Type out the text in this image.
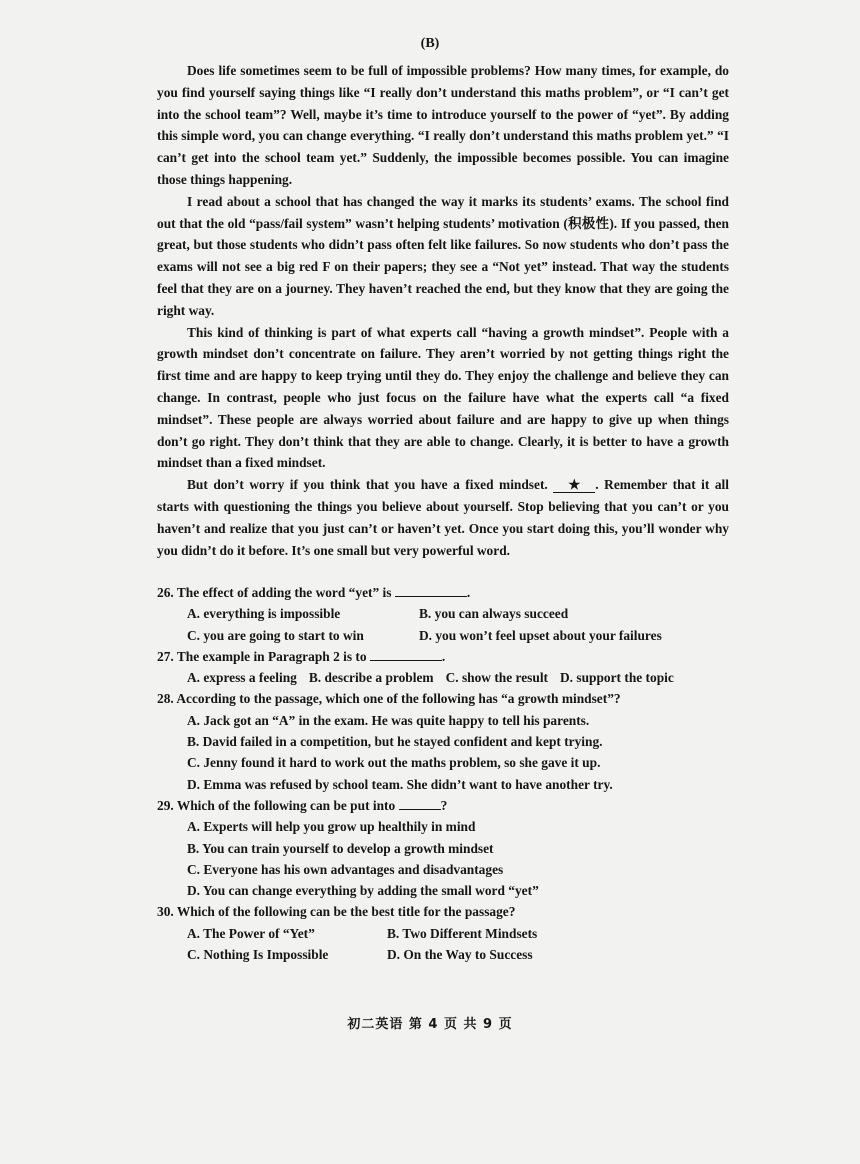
(B)

Does life sometimes seem to be full of impossible problems? How many times, for example, do you find yourself saying things like “I really don’t understand this maths problem”, or “I can’t get into the school team”? Well, maybe it’s time to introduce yourself to the power of “yet”. By adding this simple word, you can change everything. “I really don’t understand this maths problem yet.” “I can’t get into the school team yet.” Suddenly, the impossible becomes possible. You can imagine those things happening.

I read about a school that has changed the way it marks its students’ exams. The school find out that the old “pass/fail system” wasn’t helping students’ motivation (积极性). If you passed, then great, but those students who didn’t pass often felt like failures. So now students who don’t pass the exams will not see a big red F on their papers; they see a “Not yet” instead. That way the students feel that they are on a journey. They haven’t reached the end, but they know that they are going the right way.

This kind of thinking is part of what experts call “having a growth mindset”. People with a growth mindset don’t concentrate on failure. They aren’t worried by not getting things right the first time and are happy to keep trying until they do. They enjoy the challenge and believe they can change. In contrast, people who just focus on the failure have what the experts call “a fixed mindset”. These people are always worried about failure and are happy to give up when things don’t go right. They don’t think that they are able to change. Clearly, it is better to have a growth mindset than a fixed mindset.

But don’t worry if you think that you have a fixed mindset. ★ . Remember that it all starts with questioning the things you believe about yourself. Stop believing that you can’t or you haven’t and realize that you just can’t or haven’t yet. Once you start doing this, you’ll wonder why you didn’t do it before. It’s one small but very powerful word.

26. The effect of adding the word “yet” is	.

A. everything is impossible	B. you can always succeed
C. you are going to start to win	D. you won’t feel upset about your failures

27. The example in Paragraph 2 is to	.

A. express a feeling B. describe a problem C. show the result D. support the topic

28. According to the passage, which one of the following has “a growth mindset”?

A. Jack got an “A” in the exam. He was quite happy to tell his parents.
B. David failed in a competition, but he stayed confident and kept trying.
C. Jenny found it hard to work out the maths problem, so she gave it up.
D. Emma was refused by school team. She didn’t want to have another try.

29. Which of the following can be put into	?

A. Experts will help you grow up healthily in mind
B. You can train yourself to develop a growth mindset
C. Everyone has his own advantages and disadvantages
D. You can change everything by adding the small word “yet”

30. Which of the following can be the best title for the passage?

A. The Power of “Yet”	B. Two Different Mindsets
C. Nothing Is Impossible	D. On the Way to Success
初二英语 第 4 页 共 9 页
